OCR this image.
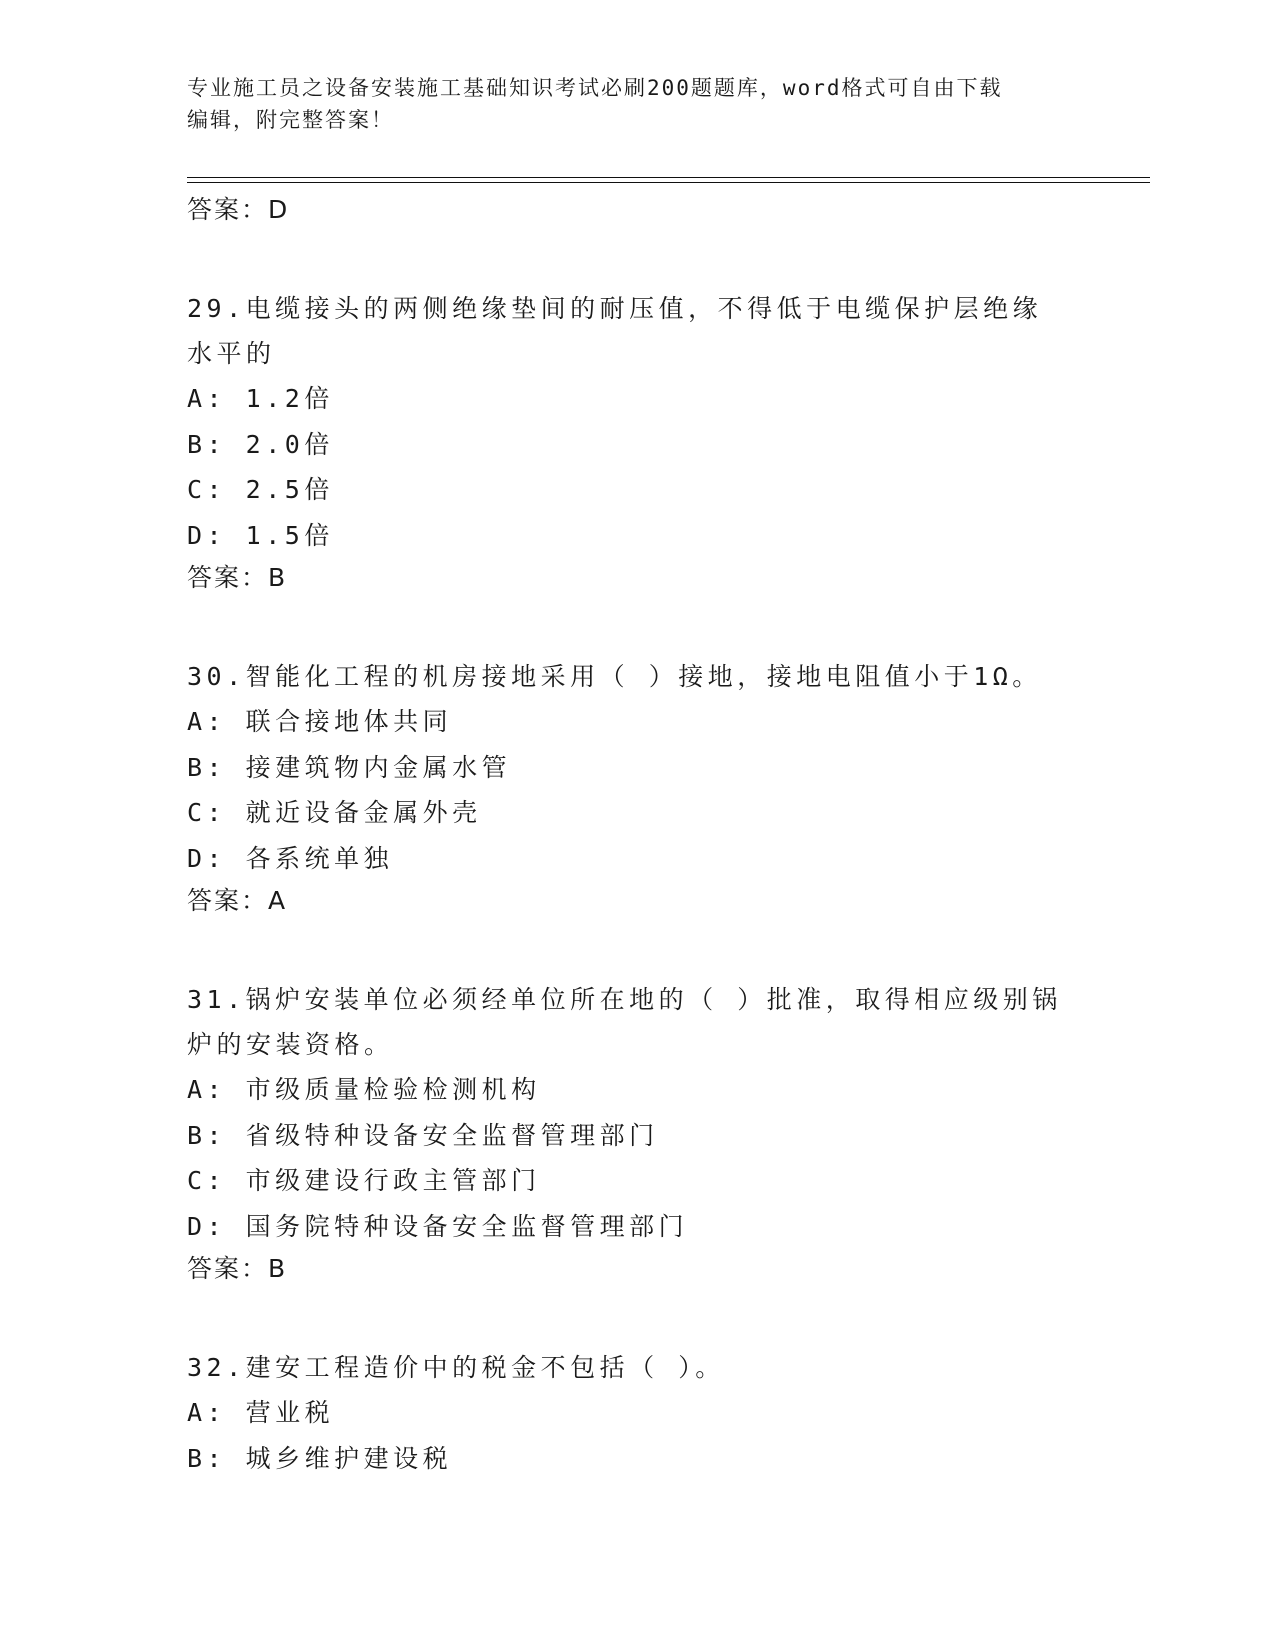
专业施工员之设备安装施工基础知识考试必刷200题题库，word格式可自由下载
编辑，附完整答案！
答案：D
29.电缆接头的两侧绝缘垫间的耐压值，不得低于电缆保护层绝缘水平的
A: 1.2倍
B: 2.0倍
C: 2.5倍
D: 1.5倍
答案：B
30.智能化工程的机房接地采用（ ）接地，接地电阻值小于1Ω。
A: 联合接地体共同
B: 接建筑物内金属水管
C: 就近设备金属外壳
D: 各系统单独
答案：A
31.锅炉安装单位必须经单位所在地的（ ）批准，取得相应级别锅炉的安装资格。
A: 市级质量检验检测机构
B: 省级特种设备安全监督管理部门
C: 市级建设行政主管部门
D: 国务院特种设备安全监督管理部门
答案：B
32.建安工程造价中的税金不包括（ ）。
A: 营业税
B: 城乡维护建设税
